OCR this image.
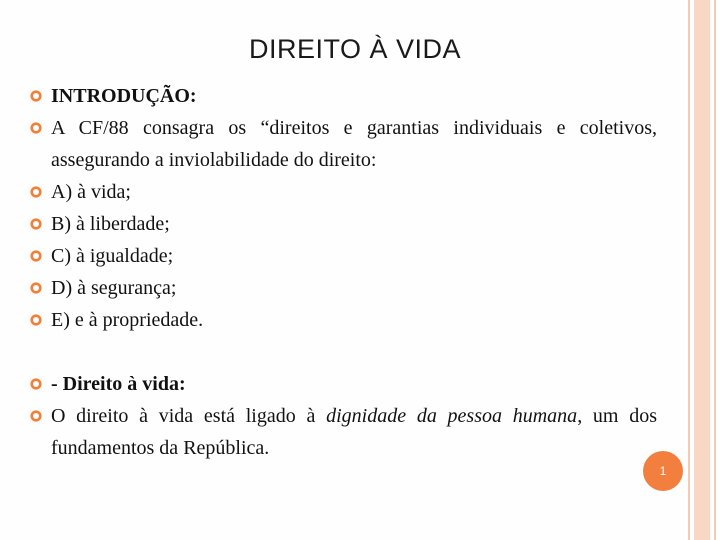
DIREITO À VIDA
INTRODUÇÃO:
A CF/88 consagra os “direitos e garantias individuais e coletivos, assegurando a inviolabilidade do direito:
A) à vida;
B) à liberdade;
C) à igualdade;
D) à segurança;
E) e à propriedade.
- Direito à vida:
O direito à vida está ligado à dignidade da pessoa humana, um dos fundamentos da República.
1
